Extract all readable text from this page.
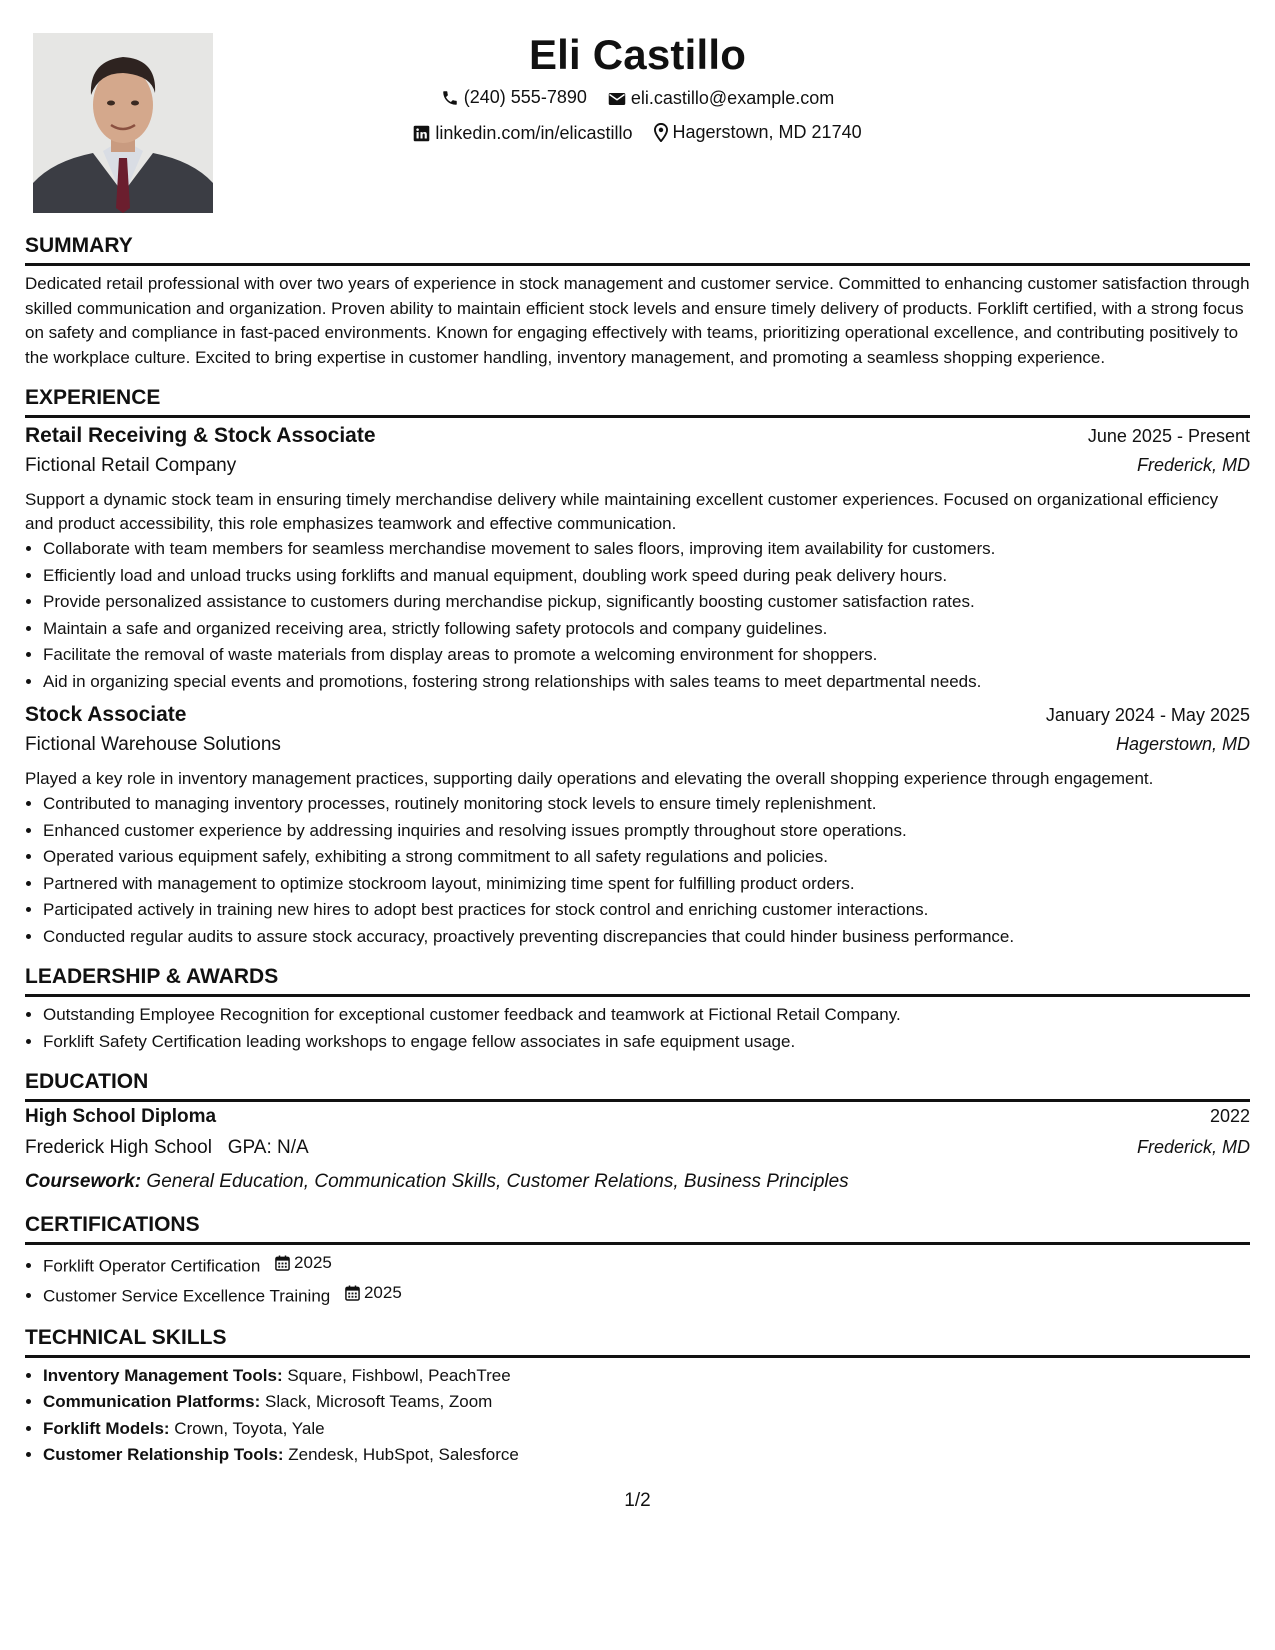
Eli Castillo
(240) 555-7890
eli.castillo@example.com
linkedin.com/in/elicastillo
Hagerstown, MD 21740
SUMMARY

Dedicated retail professional with over two years of experience in stock management and customer service. Committed to enhancing customer satisfaction through skilled communication and organization. Proven ability to maintain efficient stock levels and ensure timely delivery of products. Forklift certified, with a strong focus on safety and compliance in fast-paced environments. Known for engaging effectively with teams, prioritizing operational excellence, and contributing positively to the workplace culture. Excited to bring expertise in customer handling, inventory management, and promoting a seamless shopping experience.

EXPERIENCE
Retail Receiving & Stock Associate	June 2025 - Present
Fictional Retail Company	Frederick, MD

Support a dynamic stock team in ensuring timely merchandise delivery while maintaining excellent customer experiences. Focused on organizational efficiency and product accessibility, this role emphasizes teamwork and effective communication.

• Collaborate with team members for seamless merchandise movement to sales floors, improving item availability for customers.
• Efficiently load and unload trucks using forklifts and manual equipment, doubling work speed during peak delivery hours.
• Provide personalized assistance to customers during merchandise pickup, significantly boosting customer satisfaction rates.
• Maintain a safe and organized receiving area, strictly following safety protocols and company guidelines.
• Facilitate the removal of waste materials from display areas to promote a welcoming environment for shoppers.
• Aid in organizing special events and promotions, fostering strong relationships with sales teams to meet departmental needs.
Stock Associate	January 2024 - May 2025
Fictional Warehouse Solutions	Hagerstown, MD

Played a key role in inventory management practices, supporting daily operations and elevating the overall shopping experience through engagement.

• Contributed to managing inventory processes, routinely monitoring stock levels to ensure timely replenishment.
• Enhanced customer experience by addressing inquiries and resolving issues promptly throughout store operations.
• Operated various equipment safely, exhibiting a strong commitment to all safety regulations and policies.
• Partnered with management to optimize stockroom layout, minimizing time spent for fulfilling product orders.
• Participated actively in training new hires to adopt best practices for stock control and enriching customer interactions.
• Conducted regular audits to assure stock accuracy, proactively preventing discrepancies that could hinder business performance.
LEADERSHIP & AWARDS
• Outstanding Employee Recognition for exceptional customer feedback and teamwork at Fictional Retail Company.
• Forklift Safety Certification leading workshops to engage fellow associates in safe equipment usage.
EDUCATION
High School Diploma	2022
Frederick High School GPA: N/A	Frederick, MD
Coursework: General Education, Communication Skills, Customer Relations, Business Principles
CERTIFICATIONS
• Forklift Operator Certification 2025
• Customer Service Excellence Training 2025
TECHNICAL SKILLS
• Inventory Management Tools: Square, Fishbowl, PeachTree
• Communication Platforms: Slack, Microsoft Teams, Zoom
• Forklift Models: Crown, Toyota, Yale
• Customer Relationship Tools: Zendesk, HubSpot, Salesforce
1/2
